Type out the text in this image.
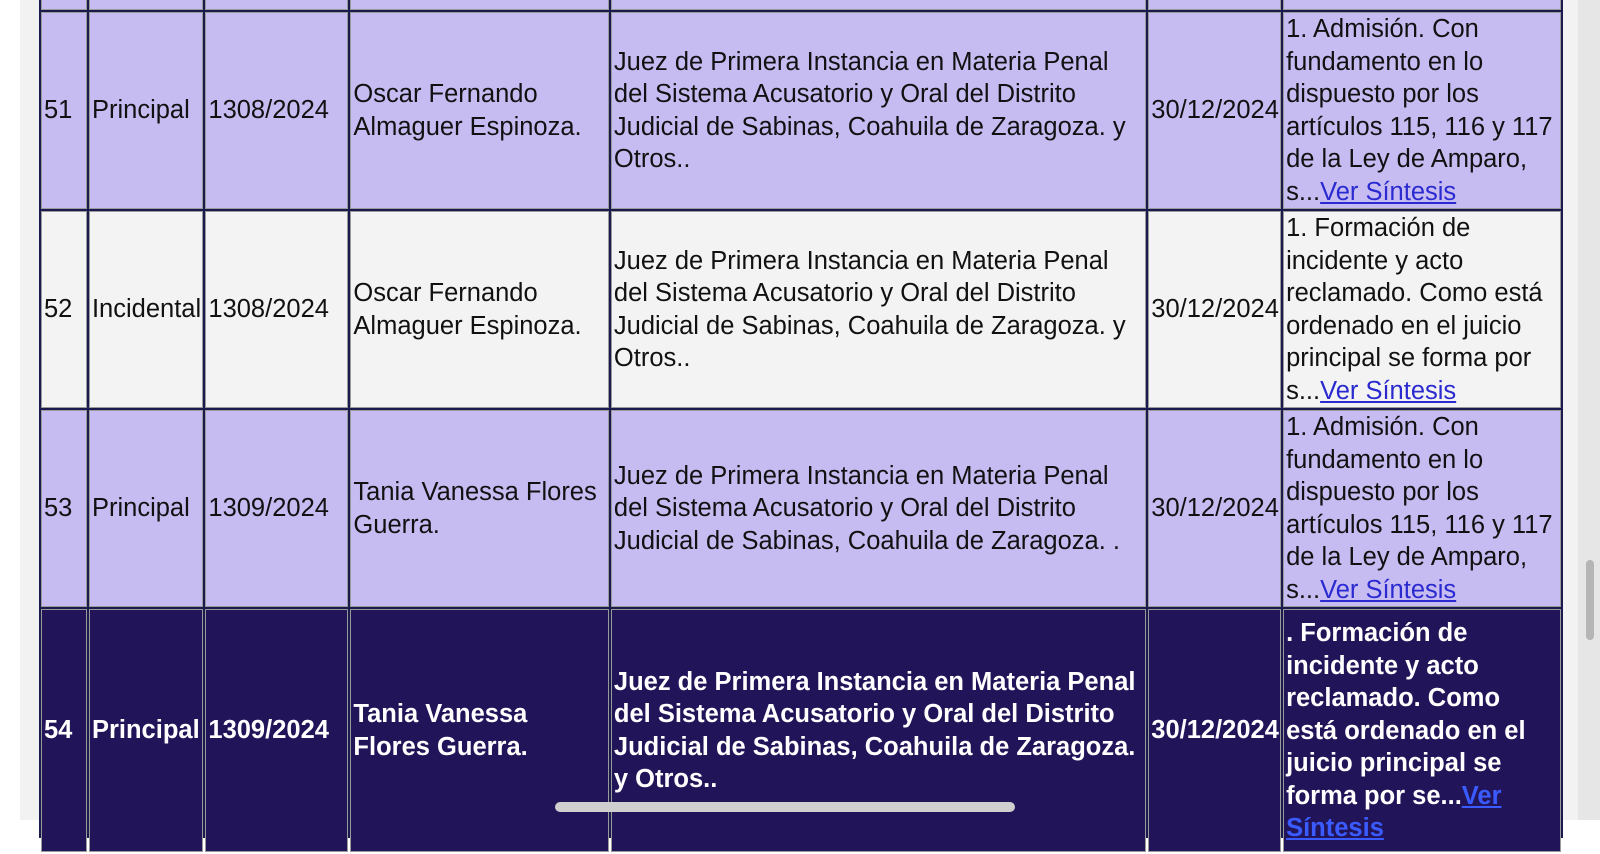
51	Principal	1308/2024	Oscar Fernando Almaguer Espinoza.	Juez de Primera Instancia en Materia Penal del Sistema Acusatorio y Oral del Distrito Judicial de Sabinas, Coahuila de Zaragoza. y Otros..	30/12/2024	1. Admisión. Con fundamento en lo dispuesto por los artículos 115, 116 y 117 de la Ley de Amparo, s...Ver Síntesis
52	Incidental	1308/2024	Oscar Fernando Almaguer Espinoza.	Juez de Primera Instancia en Materia Penal del Sistema Acusatorio y Oral del Distrito Judicial de Sabinas, Coahuila de Zaragoza. y Otros..	30/12/2024	1. Formación de incidente y acto reclamado. Como está ordenado en el juicio principal se forma por s...Ver Síntesis
53	Principal	1309/2024	Tania Vanessa Flores Guerra.	Juez de Primera Instancia en Materia Penal del Sistema Acusatorio y Oral del Distrito Judicial de Sabinas, Coahuila de Zaragoza. .	30/12/2024	1. Admisión. Con fundamento en lo dispuesto por los artículos 115, 116 y 117 de la Ley de Amparo, s...Ver Síntesis
54	Principal	1309/2024	Tania Vanessa Flores Guerra.	Juez de Primera Instancia en Materia Penal del Sistema Acusatorio y Oral del Distrito Judicial de Sabinas, Coahuila de Zaragoza. y Otros..	30/12/2024	. Formación de incidente y acto reclamado. Como está ordenado en el juicio principal se forma por se...Ver Síntesis
